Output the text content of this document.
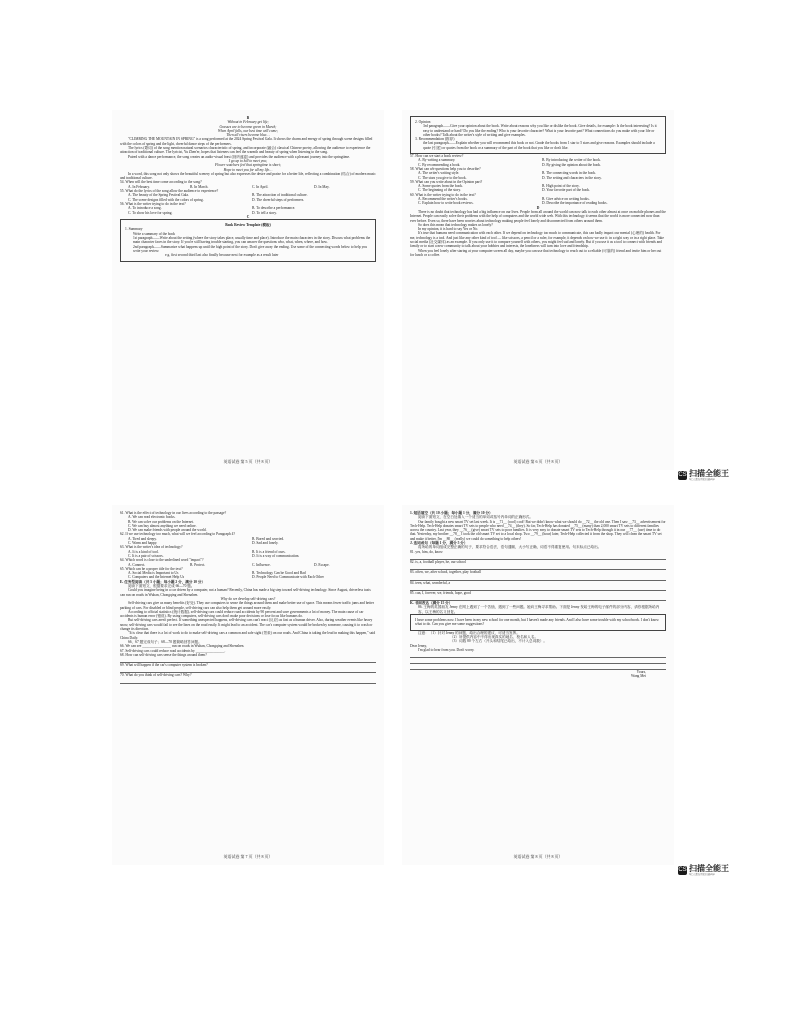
B
Without in February get life;
Grasses are to become green in March;
When April falls, our best time will come;
Then all risers become blue…

"CLIMBING THE MOUNTAIN IN SPRING" is a song performed at the 2024 Spring Festival Gala. It shows the charm and energy of spring through scene designs filled with the colors of spring and the light, cheerful dance steps of the performers.

The lyrics (歌词) of the song mention natural scenarios characteristic of spring, and incorporate (融合) classical Chinese poetry, allowing the audience to experience the attraction of traditional culture. The lyricist, Yu Zhen'er, hopes that listeners can feel the warmth and beauty of spring when listening to the song.

Paired with a dance performance, the song creates an audio-visual feast (视听盛宴) and provides the audience with a pleasant journey into the springtime.

I go up to hill to meet you;
Flower watchers feel that springtime is short;
Hope to meet you for all my life…

In a word, this song not only shows the beautiful scenery of spring but also expresses the desire and praise for a better life, reflecting a combination (结合) of modern music and traditional culture.

54. When will the best time come according to the song?
A. In February.	B. In March.	C. In April.	D. In May.
55. What do the lyrics of the song allow the audience to experience?
A. The beauty of the Spring Festival Gala.	B. The attraction of traditional culture.
C. The scene designs filled with the colors of spring.	D. The cheerful steps of performers.
56. What is the writer trying to do in the text?
A. To introduce a song.	B. To describe a performance.
C. To show his love for spring.	D. To tell a story.
C
Book Review Template (模板)
1. Summary
Write a summary of the book
1st paragraph——Write about the setting (where the story takes place, usually time and place). Introduce the main characters in the story. Discuss what problems the main character faces in the story. If you're still having trouble starting, you can answer the questions who, what, when, where, and how.
2nd paragraph——Summarize what happens up until the high point of the story. Don't give away the ending. Use some of the connecting words below to help you write your review.
e.g. first second third last also finally because next for example as a result later
英语试卷 第 5 页（共 8 页）
2. Opinion
3rd paragraph——Give your opinion about the book. Write about reasons why you like or dislike the book. Give details, for example: Is the book interesting? Is it easy to understand or hard? Do you like the ending? Who is your favorite character? What is your favorite part? What connections do you make with your life or other books? Talk about the writer's style of writing and give examples.
3. Recommendation (推荐)
the last paragraph——Explain whether you will recommend this book or not. Grade the books from 1 star to 5 stars and give reasons. Examples should include a quote (引述) or quotes from the book or a summary of the part of the book that you like or don't like.
57. How can we start a book review?
A. By writing a summary.	B. By introducing the writer of the book.
C. By recommending a book.	D. By giving the opinion about the book.
58. What can wh-questions help you to describe?
A. The writer's writing style.	B. The connecting words in the book.
C. The stars you give to the book.	D. The setting and characters in the story.
59. What can you write about in the Opinion part?
A. Some quotes from the book.	B. High point of the story.
C. The beginning of the story.	D. Your favorite part of the book.
60. What is the writer trying to do in the text?
A. Recommend the writer's books.	B. Give advice on writing books.
C. Explain how to write book reviews.	D. Describe the importance of reading books.
D

There is no doubt that technology has had a big influence on our lives. People from all around the world can now talk to each other almost at once on mobile phones and the Internet. People can easily solve their problems with the help of computers and the world wide web. With this technology it seems that the world is more connected now than ever before. Even so, there have been worries about technology making people feel lonely and disconnected from others around them.

So does this mean that technology makes us lonely?

In my opinion, it is hard to say Yes or No.

It's true that humans need communication with each other. If we depend on technology too much to communicate, this can badly impact our mental (心理的) health. For me, technology is a tool. And just like any other kind of tool — like scissors, a pencil or a ruler, for example, it depends on how we use it: in a right way or in a right place. Take social media (社交媒体) as an example. If you only use it to compare yourself with others, you might feel sad and lonely. But if you use it as a tool to connect with friends and family or to start a new community to talk about your hobbies and interests, the loneliness will turn into love and friendship.

When you feel lonely after staring at your computer screen all day, maybe you can use that technology to reach out to a reliable (可靠的) friend and invite him or her out for lunch or a coffee.

英语试卷 第 6 页（共 8 页）
61. What is the effect of technology in our lives according to the passage?
A. We can read electronic books.
B. We can solve our problems on the Internet.
C. We can buy almost anything we need online.
D. We can make friends with people around the world.
62. If we use technology too much, what will we feel according to Paragraph 4?
A. Tired and sleepy.	B. Bored and worried.
C. Warm and happy.	D. Sad and lonely.
63. What is the writer's idea of technology?
A. It is a kind of tool.	B. It is a friend of ours.
C. It is a pair of scissors.	D. It is a way of communication.
64. Which word is close to the underlined word "impact"?
A. Connect.	B. Protect.	C. Influence.	D. Escape.
65. Which can be a proper title for the text?
A. Social Media is Important to Us	B. Technology Can be Good and Bad
C. Computers and the Internet Help Us	D. People Need to Communicate with Each Other
E. 任务型阅读（共 5 小题；每小题 2 分，满分 10 分）
阅读下面短文，根据要求完成 66—70 题。

Could you imagine being in a car driven by a computer, not a human? Recently, China has made a big step toward self-driving technology. Since August, driverless taxis can run on roads in Wuhan, Chongqing and Shenzhen.

Why do we develop self-driving cars?

Self-driving cars give us many benefits (好处). They use computers to sense the things around them and make better use of space. This means fewer traffic jams and better parking of cars. For disabled or blind people, self-driving cars can also help them get around more easily.

According to official statistics (统计数据), self-driving cars could reduce road accidents by 90 percent and save governments a lot of money. The main cause of car accidents is human error (错误). By using computers, self-driving cars don't make poor decisions or lose focus like humans do.

But self-driving cars aren't perfect. If something unexpected happens, self-driving cars can't react (反应) as fast as a human driver. Also, during weather events like heavy snow, self-driving cars would fail to see the lines on the road easily. It might lead to an accident. The car's computer system would be broken by someone, causing it to crash or change its direction.

"It is clear that there is a lot of work to do to make self-driving cars a common and safe sight (景象) on our roads. And China is taking the lead in making this happen," said China Daily.

66、67 题完成句子；68—70 题简略回答问题。
66. We can see ________________ run on roads in Wuhan, Chongqing and Shenzhen.
67. Self-driving cars could reduce road accidents by ________________.
68. How can self-driving cars sense the things around them?
69. What will happen if the car's computer system is broken?
70. What do you think of self-driving cars? Why?
英语试卷 第 7 页（共 8 页）
1. 短语填空（共 10 小题；每小题 1 分，满分 10 分）
阅读下面短文，在空白处填入一个适当的单词或括号内单词的正确形式。

Our family bought a new smart TV set last week. It is __71__ (cool) cool! But we didn't know what we should do __72__ the old one. Then I saw __73__ advertisement for Tech-Help. Tech-Help donates smart TV sets to people who need __74__ (they). So far, Tech-Help has donated __75__ (many) than 2,000 smart TV sets to different families across the country. Last year, they __76__ (give) smart TV sets to poor families. It is very easy to donate smart TV sets to Tech-Help through it in our __77__ (use) time to do that. Yesterday, my brother __78__ I took the old smart TV set to a local shop. Two __79__ (hour) later, Tech-Help collected it from the shop. They will clean the smart TV set and make it better. I'm __80__ (really) we could do something to help others!

J. 连词成句（每题 1 分，满分 5 分）
将所给的单词组成完整正确的句子，要求符合语法，语句通顺，大小写正确，词语不得重复使用。句末标点已给出。
81. yes, him, do, know
82. is, a, football player, he, our school
83. often, we, after school, together, play football
84. teen, what, wonderful, a
85. can, I, forever, we, friends, hope, good
K. 书面表达（满分 15 分）
86. 王梅的英国朋友 Jenny 在网上遇到了一个苦恼，遇到了一些问题。她向王梅寻求帮助。下面是 Jenny 发给王梅的电子邮件的部分内容，请你根据所给内容，以王梅的名义回复。
I have some problems now. I have been in my new school for one month, but I haven't made any friends. And I also have some trouble with my schoolwork. I don't know what to do. Can you give me some suggestions?
注意：（1）针对 Jenny 的问题，给出合理的建议，可适当发挥。
（2）所提供内容中不得出现真实的地名、校名和人名。
（3）词数 80 个左右（开头和结尾已给出，不计入总词数）。
Dear Jenny,
I'm glad to hear from you. Don't worry.
Yours,
Wang Mei
英语试卷 第 8 页（共 8 页）
CS 扫描全能王
3亿人都在用的扫描App
CS 扫描全能王
3亿人都在用的扫描App
